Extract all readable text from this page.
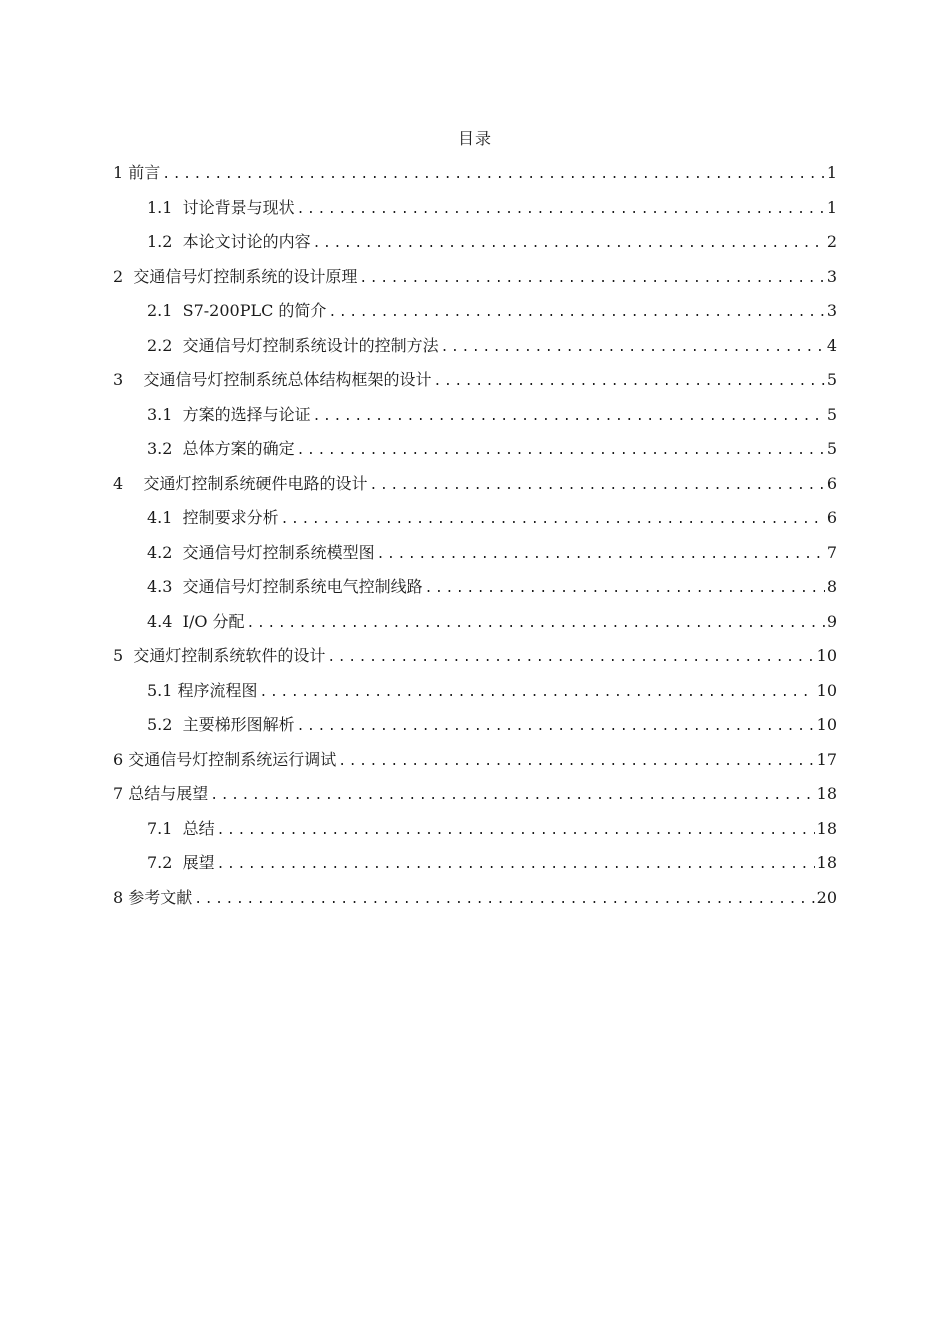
目录
1 前言 .....	1
1.1  讨论背景与现状 .....	1
1.2  本论文讨论的内容 .....	2
2  交通信号灯控制系统的设计原理 .....	3
2.1  S7-200PLC 的简介 .....	3
2.2  交通信号灯控制系统设计的控制方法 .....	4
3    交通信号灯控制系统总体结构框架的设计 .....	5
3.1  方案的选择与论证 .....	5
3.2  总体方案的确定 .....	5
4    交通灯控制系统硬件电路的设计 .....	6
4.1  控制要求分析 .....	6
4.2  交通信号灯控制系统模型图 .....	7
4.3  交通信号灯控制系统电气控制线路 .....	8
4.4  I/O 分配 .....	9
5  交通灯控制系统软件的设计 .....	10
5.1 程序流程图 .....	10
5.2  主要梯形图解析 .....	10
6 交通信号灯控制系统运行调试 .....	17
7 总结与展望 .....	18
7.1  总结 .....	18
7.2  展望 .....	18
8 参考文献 .....	20
